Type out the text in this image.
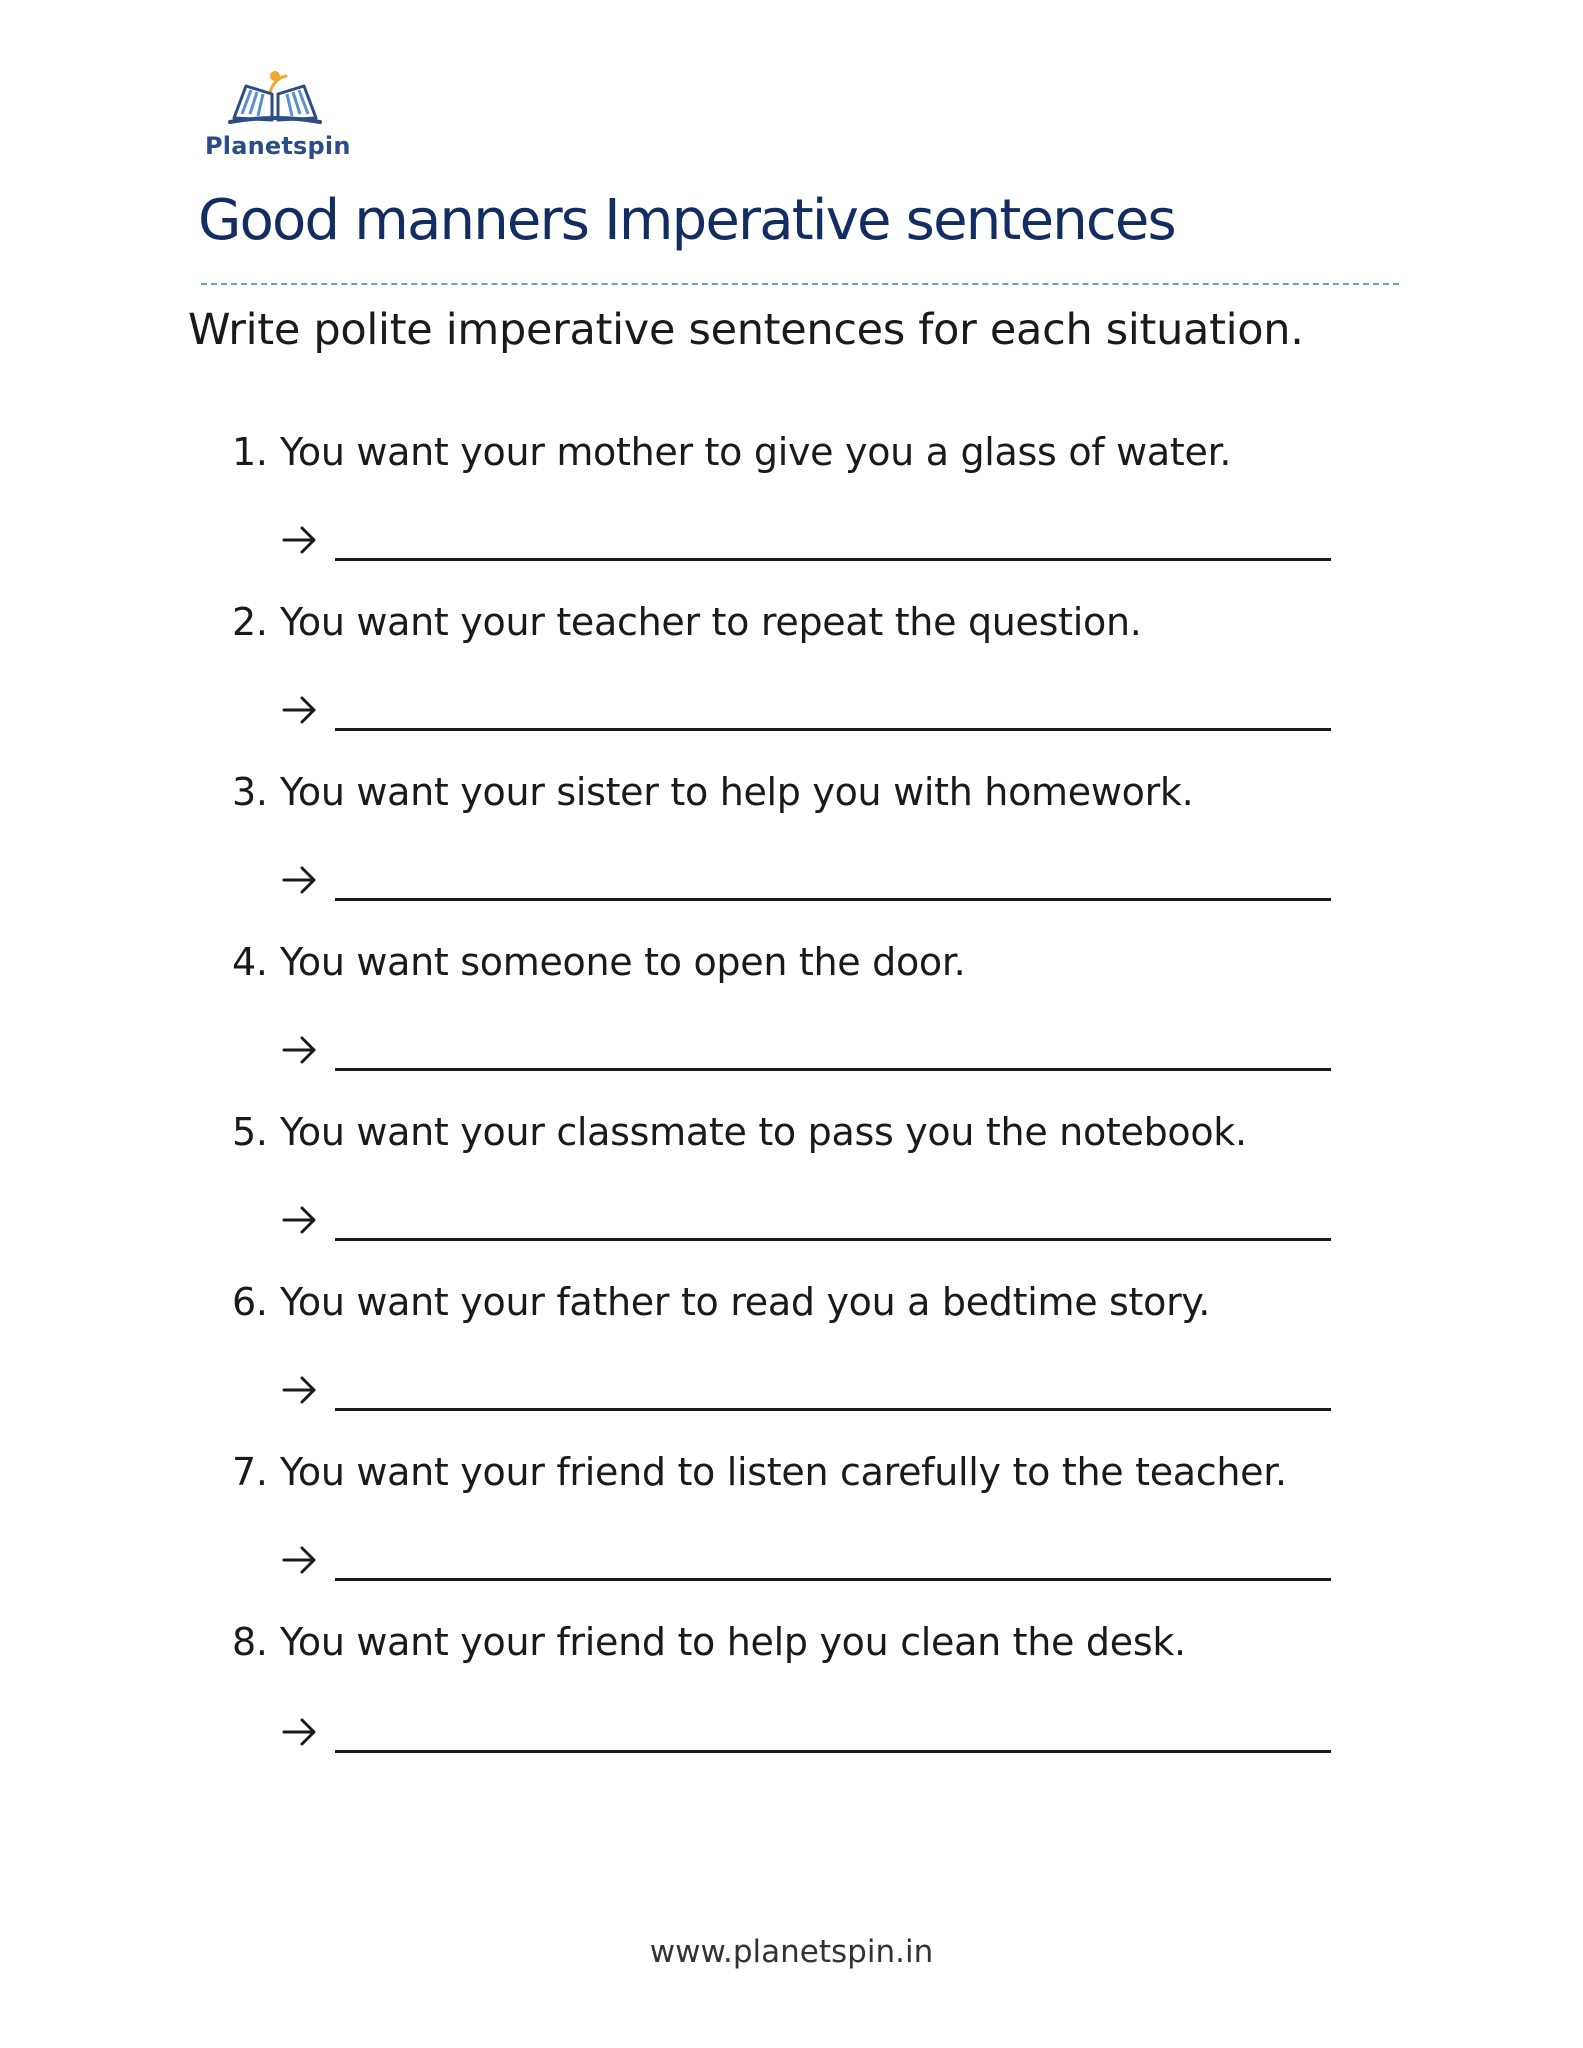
Planetspin
Good manners Imperative sentences
Write polite imperative sentences for each situation.
1. You want your mother to give you a glass of water.
2. You want your teacher to repeat the question.
3. You want your sister to help you with homework.
4. You want someone to open the door.
5. You want your classmate to pass you the notebook.
6. You want your father to read you a bedtime story.
7. You want your friend to listen carefully to the teacher.
8. You want your friend to help you clean the desk.
www.planetspin.in
